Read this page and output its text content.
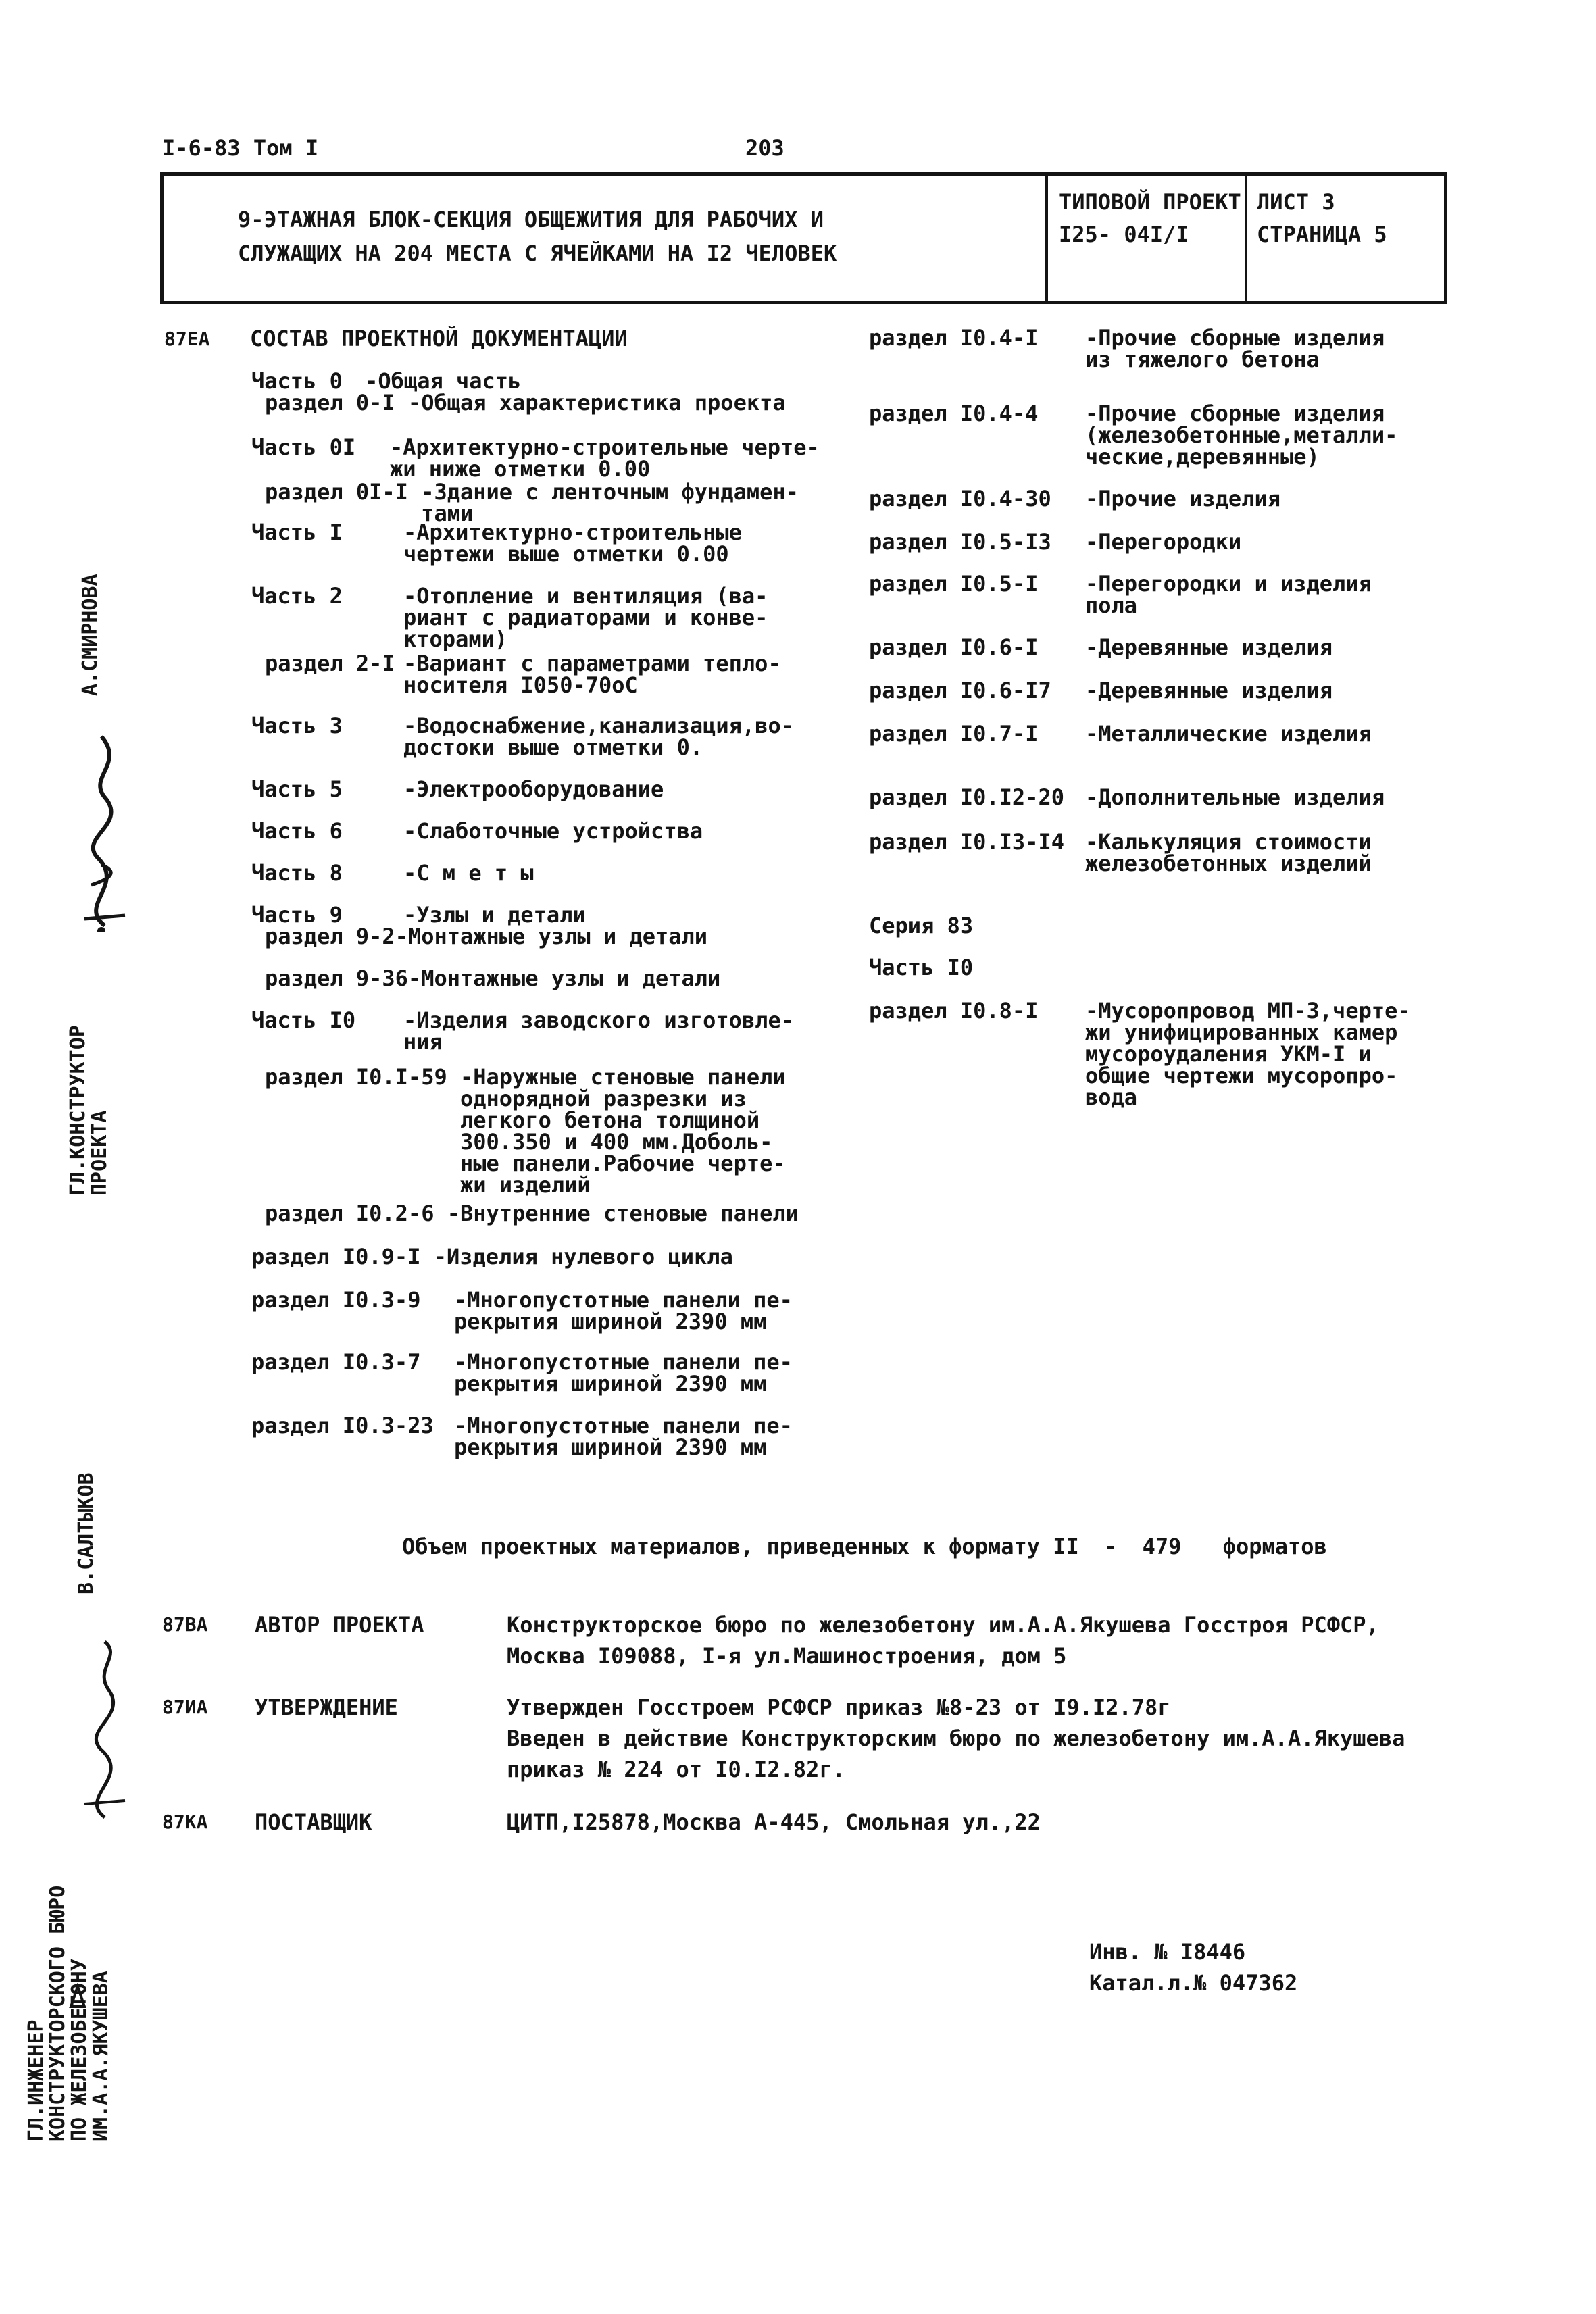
I-6-83 Том I	203
9-ЭТАЖНАЯ БЛОК-СЕКЦИЯ ОБЩЕЖИТИЯ ДЛЯ РАБОЧИХ И
СЛУЖАЩИХ НА 204 МЕСТА С ЯЧЕЙКАМИ НА I2 ЧЕЛОВЕК
ТИПОВОЙ ПРОЕКТ
I25- 04I/I
ЛИСТ 3
СТРАНИЦА 5
87ЕА СОСТАВ ПРОЕКТНОЙ ДОКУМЕНТАЦИИ
Часть 0 -Общая часть
раздел 0-I -Общая характеристика проекта
Часть 0I -Архитектурно-строительные черте-
жи ниже отметки 0.00
раздел 0I-I -Здание с ленточным фундамен-
тами
Часть I	-Архитектурно-строительные
чертежи выше отметки 0.00
Часть 2	-Отопление и вентиляция (ва-
риант с радиаторами и конве-
кторами)
раздел 2-I -Вариант с параметрами тепло-
носителя I050-70оС
Часть 3	-Водоснабжение,канализация,во-
достоки выше отметки 0.
Часть 5	-Электрооборудование
Часть 6	-Слаботочные устройства
Часть 8	-С м е т ы
Часть 9	-Узлы и детали
раздел 9-2-Монтажные узлы и детали
раздел 9-36-Монтажные узлы и детали
Часть I0 -Изделия заводского изготовле-
ния
раздел I0.I-59 -Наружные стеновые панели
однорядной разрезки из
легкого бетона толщиной
300.350 и 400 мм.Доболь-
ные панели.Рабочие черте-
жи изделий
раздел I0.2-6 -Внутренние стеновые панели
раздел I0.9-I -Изделия нулевого цикла
раздел I0.3-9 -Многопустотные панели пе-
рекрытия шириной 2390 мм
раздел I0.3-7 -Многопустотные панели пе-
рекрытия шириной 2390 мм
раздел I0.3-23 -Многопустотные панели пе-
рекрытия шириной 2390 мм
раздел I0.4-I -Прочие сборные изделия
из тяжелого бетона
раздел I0.4-4 -Прочие сборные изделия
(железобетонные,металли-
ческие,деревянные)
раздел I0.4-30 -Прочие изделия
раздел I0.5-I3 -Перегородки
раздел I0.5-I -Перегородки и изделия
пола
раздел I0.6-I -Деревянные изделия
раздел I0.6-I7 -Деревянные изделия
раздел I0.7-I -Металлические изделия
раздел I0.I2-20 -Дополнительные изделия
раздел I0.I3-I4 -Калькуляция стоимости
железобетонных изделий
Серия 83
Часть I0
раздел I0.8-I -Мусоропровод МП-3,черте-
жи унифицированных камер
мусороудаления УКМ-I и
общие чертежи мусоропро-
вода
Объем проектных материалов, приведенных к формату II - 479 форматов
87ВА АВТОР ПРОЕКТА	Конструкторское бюро по железобетону им.А.А.Якушева Госстроя РСФСР,
Москва I09088, I-я ул.Машиностроения, дом 5
87ИА УТВЕРЖДЕНИЕ	Утвержден Госстроем РСФСР приказ №8-23 от I9.I2.78г
Введен в действие Конструкторским бюро по железобетону им.А.А.Якушева
приказ № 224 от I0.I2.82г.
87КА ПОСТАВЩИК	ЦИТП,I25878,Москва А-445, Смольная ул.,22
Инв. № I8446
Катал.л.№ 047362
А.СМИРНОВА
ГЛ.КОНСТРУКТОР
ПРОЕКТА
В.САЛТЫКОВ
ГЛ.ИНЖЕНЕР
КОНСТРУКТОРСКОГО БЮРО
ПО ЖЕЛЕЗОБЕТОНУ
ИМ.А.А.ЯКУШЕВА
